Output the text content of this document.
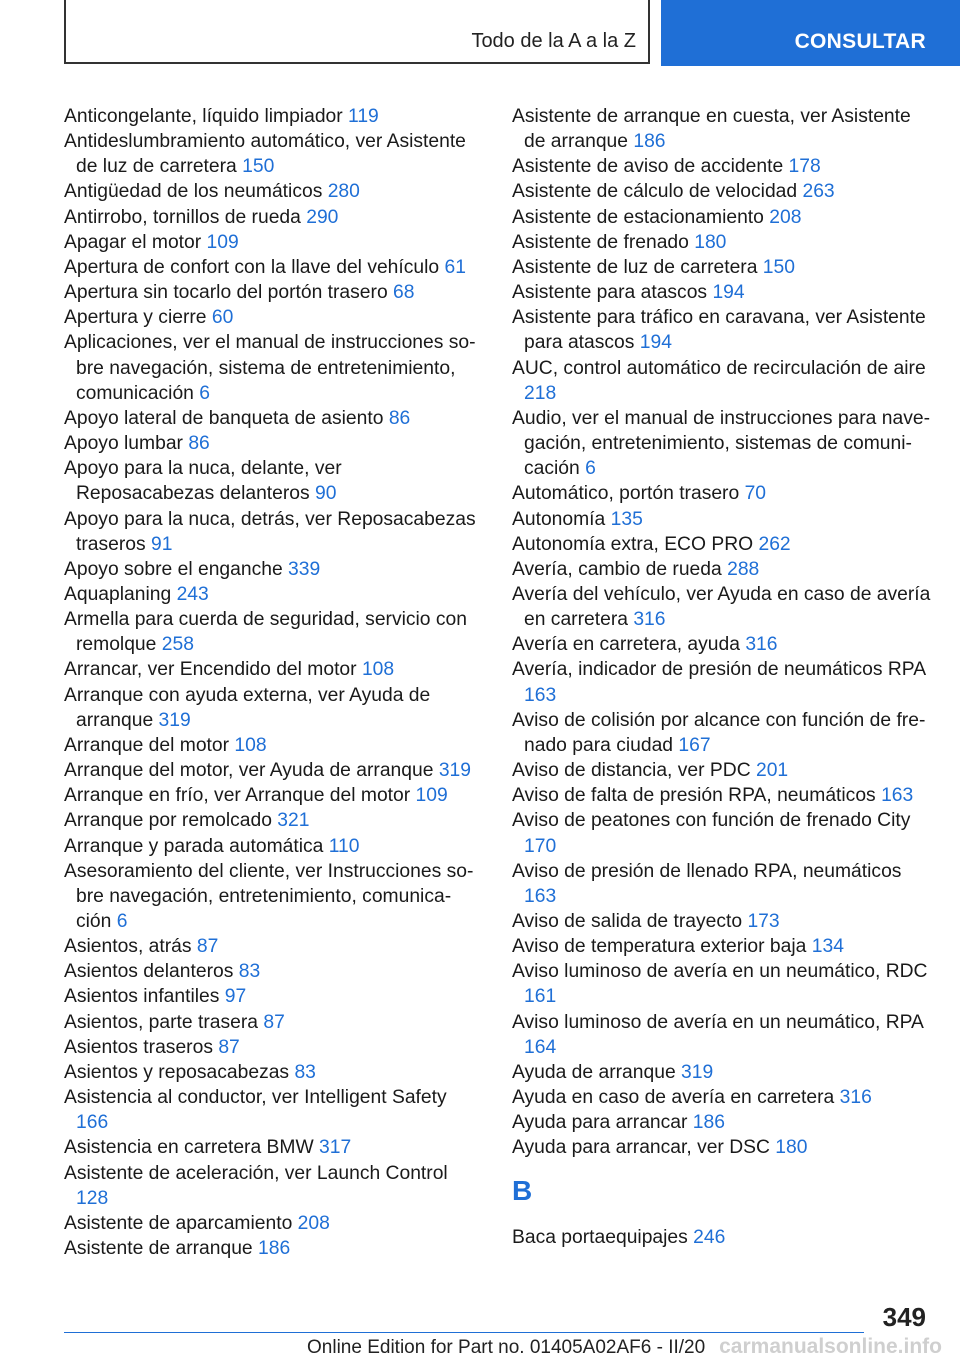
Todo de la A a la Z	CONSULTAR

Anticongelante, líquido limpiador 119

Antideslumbramiento automático, ver Asistente de luz de carretera 150

Antigüedad de los neumáticos 280

Antirrobo, tornillos de rueda 290

Apagar el motor 109

Apertura de confort con la llave del vehículo 61

Apertura sin tocarlo del portón trasero 68

Apertura y cierre 60

Aplicaciones, ver el manual de instrucciones sobre navegación, sistema de entretenimiento, comunicación 6

Apoyo lateral de banqueta de asiento 86

Apoyo lumbar 86

Apoyo para la nuca, delante, ver Reposacabezas delanteros 90

Apoyo para la nuca, detrás, ver Reposacabezas traseros 91

Apoyo sobre el enganche 339

Aquaplaning 243

Armella para cuerda de seguridad, servicio con remolque 258

Arrancar, ver Encendido del motor 108

Arranque con ayuda externa, ver Ayuda de arranque 319

Arranque del motor 108

Arranque del motor, ver Ayuda de arranque 319

Arranque en frío, ver Arranque del motor 109

Arranque por remolcado 321

Arranque y parada automática 110

Asesoramiento del cliente, ver Instrucciones sobre navegación, entretenimiento, comunicación 6

Asientos, atrás 87

Asientos delanteros 83

Asientos infantiles 97

Asientos, parte trasera 87

Asientos traseros 87

Asientos y reposacabezas 83

Asistencia al conductor, ver Intelligent Safety 166

Asistencia en carretera BMW 317

Asistente de aceleración, ver Launch Control 128

Asistente de aparcamiento 208

Asistente de arranque 186

Asistente de arranque en cuesta, ver Asistente de arranque 186

Asistente de aviso de accidente 178

Asistente de cálculo de velocidad 263

Asistente de estacionamiento 208

Asistente de frenado 180

Asistente de luz de carretera 150

Asistente para atascos 194

Asistente para tráfico en caravana, ver Asistente para atascos 194

AUC, control automático de recirculación de aire 218

Audio, ver el manual de instrucciones para navegación, entretenimiento, sistemas de comunicación 6

Automático, portón trasero 70

Autonomía 135

Autonomía extra, ECO PRO 262

Avería, cambio de rueda 288

Avería del vehículo, ver Ayuda en caso de avería en carretera 316

Avería en carretera, ayuda 316

Avería, indicador de presión de neumáticos RPA 163

Aviso de colisión por alcance con función de frenado para ciudad 167

Aviso de distancia, ver PDC 201

Aviso de falta de presión RPA, neumáticos 163

Aviso de peatones con función de frenado City 170

Aviso de presión de llenado RPA, neumáticos 163

Aviso de salida de trayecto 173

Aviso de temperatura exterior baja 134

Aviso luminoso de avería en un neumático, RDC 161

Aviso luminoso de avería en un neumático, RPA 164

Ayuda de arranque 319

Ayuda en caso de avería en carretera 316

Ayuda para arrancar 186

Ayuda para arrancar, ver DSC 180

B

Baca portaequipajes 246

349
Online Edition for Part no. 01405A02AF6 - II/20 carmanualsonline.info
